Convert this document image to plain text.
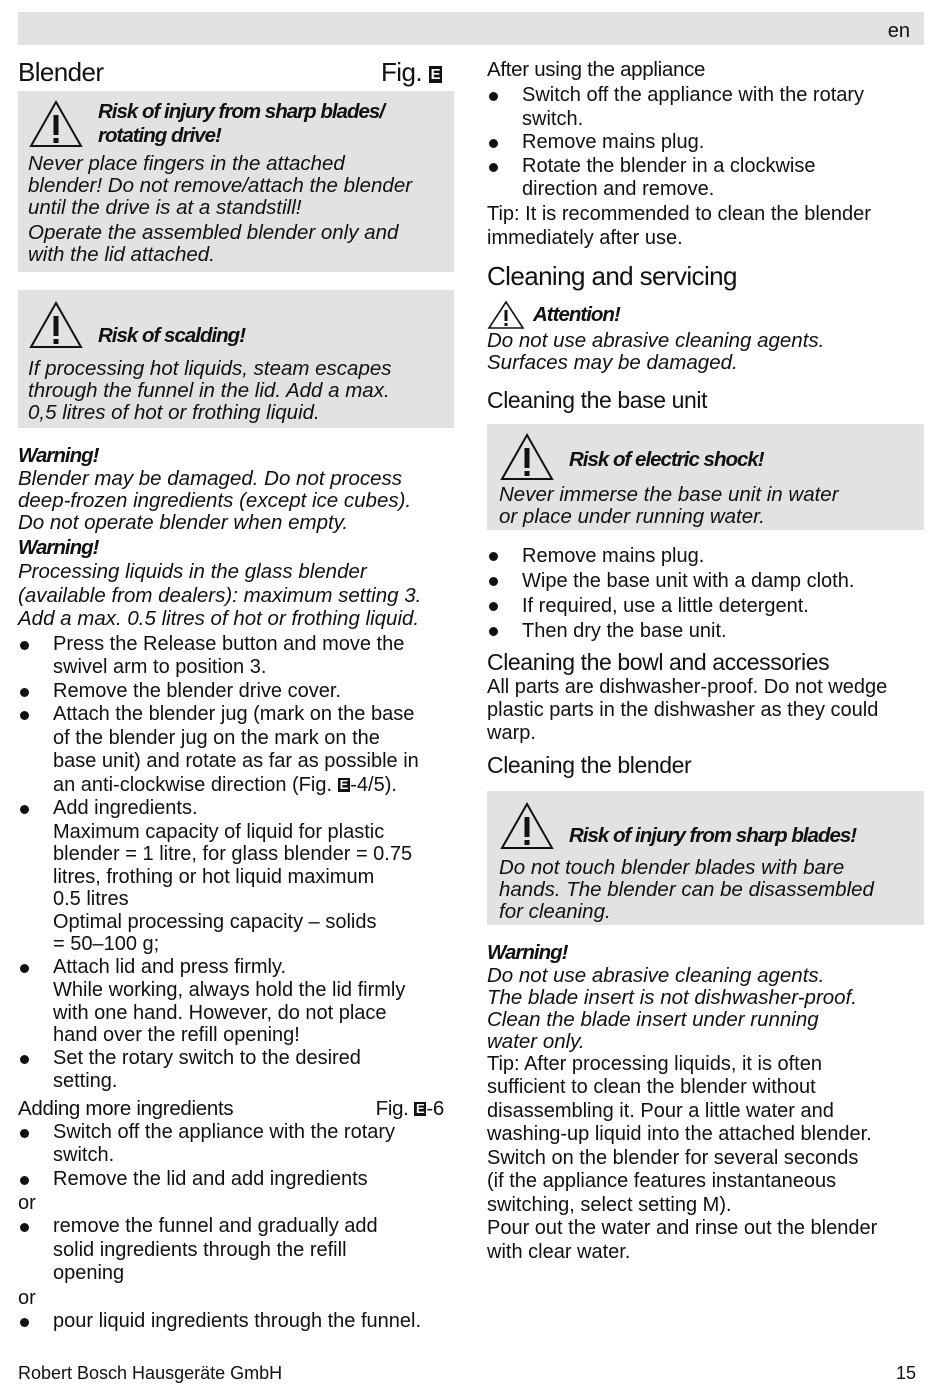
en
Blender	Fig. E
Risk of injury from sharp blades/
rotating drive!
Never place fingers in the attached
blender! Do not remove/attach the blender
until the drive is at a standstill!
Operate the assembled blender only and
with the lid attached.
Risk of scalding!
If processing hot liquids, steam escapes
through the funnel in the lid. Add a max.
0,5 litres of hot or frothing liquid.
Warning!
Blender may be damaged. Do not process
deep-frozen ingredients (except ice cubes).
Do not operate blender when empty.
Warning!
Processing liquids in the glass blender
(available from dealers): maximum setting 3.
Add a max. 0.5 litres of hot or frothing liquid.
Press the Release button and move the
swivel arm to position 3.
Remove the blender drive cover.
Attach the blender jug (mark on the base
of the blender jug on the mark on the
base unit) and rotate as far as possible in
an anti-clockwise direction (Fig. E -4/5).
Add ingredients.
Maximum capacity of liquid for plastic
blender = 1 litre, for glass blender = 0.75
litres, frothing or hot liquid maximum
0.5 litres
Optimal processing capacity – solids
= 50–100 g;
Attach lid and press firmly.
While working, always hold the lid firmly
with one hand. However, do not place
hand over the refill opening!
Set the rotary switch to the desired
setting.
Adding more ingredients	Fig. E-6
Switch off the appliance with the rotary
switch.
Remove the lid and add ingredients
or
remove the funnel and gradually add
solid ingredients through the refill
opening
or
pour liquid ingredients through the funnel.
After using the appliance
Switch off the appliance with the rotary
switch.
Remove mains plug.
Rotate the blender in a clockwise
direction and remove.
Tip: It is recommended to clean the blender
immediately after use.
Cleaning and servicing
Attention!
Do not use abrasive cleaning agents.
Surfaces may be damaged.
Cleaning the base unit
Risk of electric shock!
Never immerse the base unit in water
or place under running water.
Remove mains plug.
Wipe the base unit with a damp cloth.
If required, use a little detergent.
Then dry the base unit.
Cleaning the bowl and accessories
All parts are dishwasher-proof. Do not wedge
plastic parts in the dishwasher as they could
warp.
Cleaning the blender
Risk of injury from sharp blades!
Do not touch blender blades with bare
hands. The blender can be disassembled
for cleaning.
Warning!
Do not use abrasive cleaning agents.
The blade insert is not dishwasher-proof.
Clean the blade insert under running
water only.
Tip: After processing liquids, it is often
sufficient to clean the blender without
disassembling it. Pour a little water and
washing-up liquid into the attached blender.
Switch on the blender for several seconds
(if the appliance features instantaneous
switching, select setting M).
Pour out the water and rinse out the blender
with clear water.
Robert Bosch Hausgeräte GmbH	15
